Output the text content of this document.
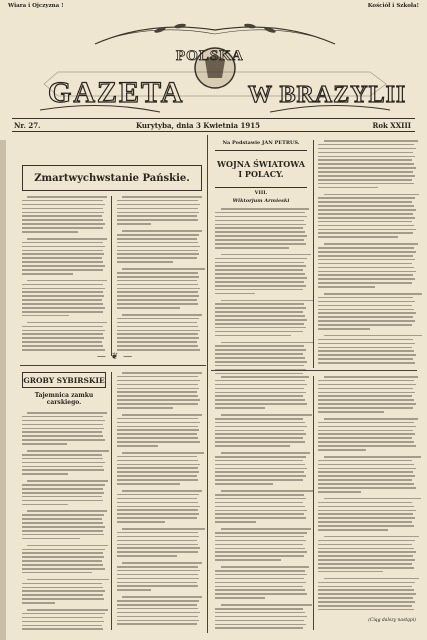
Wiara i Ojczyzna !	Kościół i Szkoła!
GAZETA
POLSKA
W BRAZYLII
Nr. 27.	Kurytyba, dnia 3 Kwietnia 1915	Rok XXIII
Zmartwychwstanie Pańskie.
— ❦ —
GROBY SYBIRSKIE
Tajemnica zamku carskiego.
Na Podstawie JAN PETRUS.
WOJNA ŚWIATOWA
I POLACY.
VIII.
Wiktorjum Armieski
(Ciąg dalszy nastąpi)
